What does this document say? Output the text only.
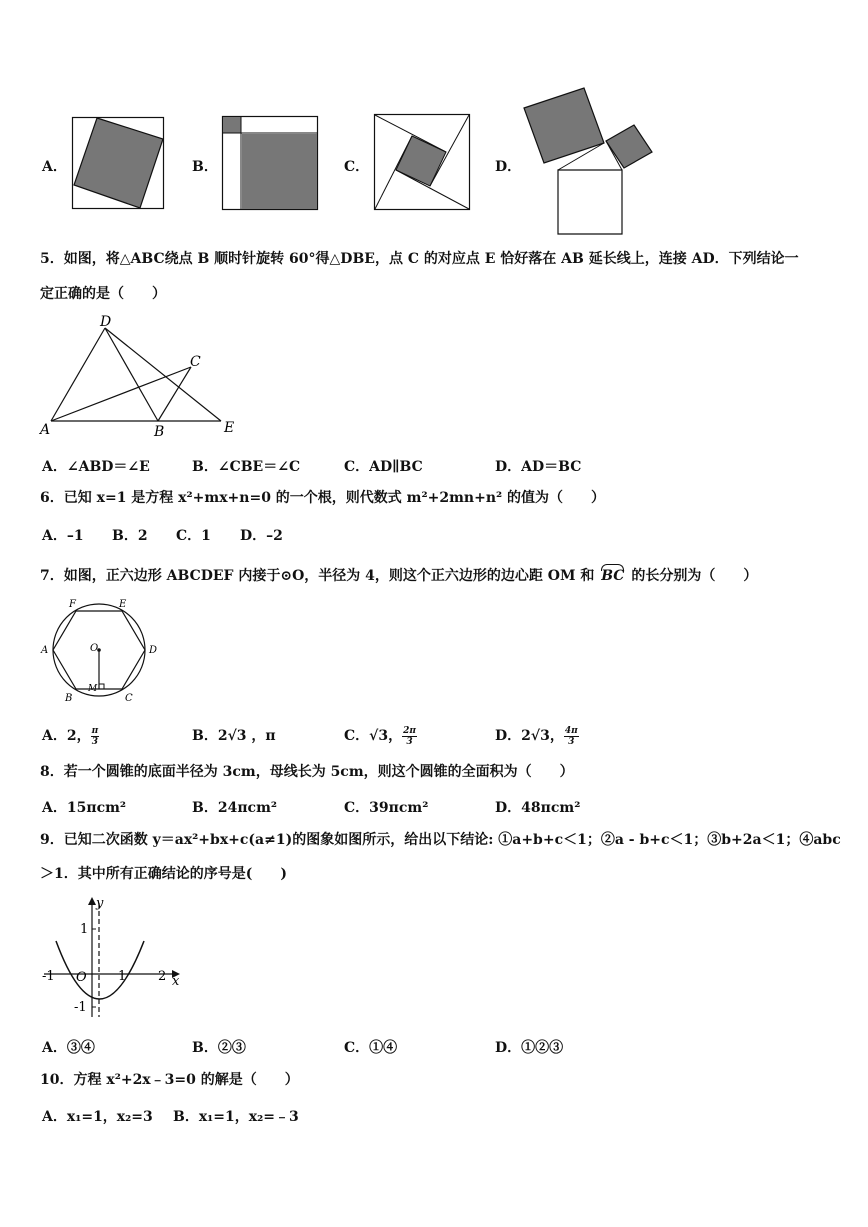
A．	B．	C．	D．
5．如图，将△ABC绕点 B 顺时针旋转 60°得△DBE，点 C 的对应点 E 恰好落在 AB 延长线上，连接 AD．下列结论一
定正确的是（　　）
D
C
A	B	E
A．∠ABD＝∠E	B．∠CBE＝∠C	C．AD∥BC	D．AD＝BC
6．已知 x=1 是方程 x²+mx+n=0 的一个根，则代数式 m²+2mn+n² 的值为（　　）
A．–1 B．2 C．1 D．–2
7．如图，正六边形 ABCDEF 内接于⊙O，半径为 4，则这个正六边形的边心距 OM 和 BC 的长分别为（　　）
F	E
A	D
O
M
B	C
A．2， $\frac{\pi}{3}$	B．2√3 ，π	C．√3， $\frac{2\pi}{3}$	D．2√3， $\frac{4\pi}{3}$
8．若一个圆锥的底面半径为 3cm，母线长为 5cm，则这个圆锥的全面积为（　　）
A．15πcm²	B．24πcm²	C．39πcm²	D．48πcm²
9．已知二次函数 y＝ax²+bx+c(a≠1)的图象如图所示，给出以下结论: ①a+b+c＜1；②a - b+c＜1；③b+2a＜1；④abc
＞1．其中所有正确结论的序号是(　　)
y
x
1
-1
-1 O 1 2
A．③④	B．②③	C．①④	D．①②③
10．方程 x²+2x﹣3=0 的解是（　　）
A．x₁=1，x₂=3 B．x₁=1，x₂=﹣3
